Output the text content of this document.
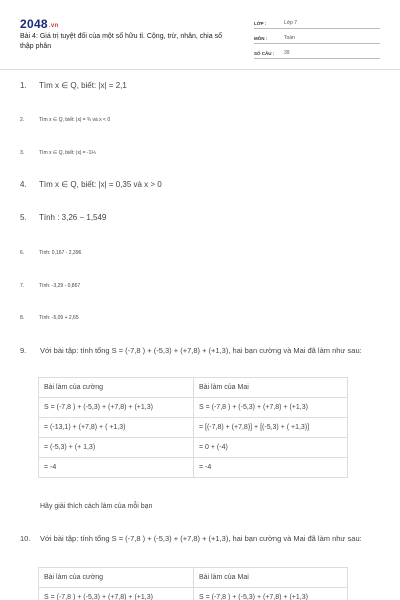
2048.vn
Bài 4: Giá trị tuyệt đối của một số hữu tỉ. Cộng, trừ, nhân, chia số thập phân
LỚP :	Lớp 7
MÔN :	Toán
SỐ CÂU :	39
1. Tìm x ∈ Q, biết: |x| = 2,1
2.	Tìm x ∈ Q, biết: |x| = ¾ và x < 0
3.	Tìm x ∈ Q, biết: |x| = -1⅖
4. Tìm x ∈ Q, biết: |x| = 0,35 và x > 0
5. Tính : 3,26 − 1,549
6.	Tính: 0,167 - 2,396
7.	Tính: -3,29 - 0,867
8.	Tính: -5,09 + 2,65
9. Với bài tập: tính tổng S = (-7,8 ) + (-5,3) + (+7,8) + (+1,3), hai bạn cường và Mai đã làm như sau:
Bài làm của cường	Bài làm của Mai
S = (-7,8 ) + (-5,3) + (+7,8) + (+1,3)	S = (-7,8 ) + (-5,3) + (+7,8) + (+1,3)
= (-13,1) + (+7,8) + ( +1,3)	= [(-7,8) + (+7,8)] + [(-5,3) + ( +1,3)]
= (-5,3) + (+ 1,3)	= 0 + (-4)
= -4	= -4
Hãy giải thích cách làm của mỗi bạn
10. Với bài tập: tính tổng S = (-7,8 ) + (-5,3) + (+7,8) + (+1,3), hai bạn cường và Mai đã làm như sau:
Bài làm của cường	Bài làm của Mai
S = (-7,8 ) + (-5,3) + (+7,8) + (+1,3)	S = (-7,8 ) + (-5,3) + (+7,8) + (+1,3)
